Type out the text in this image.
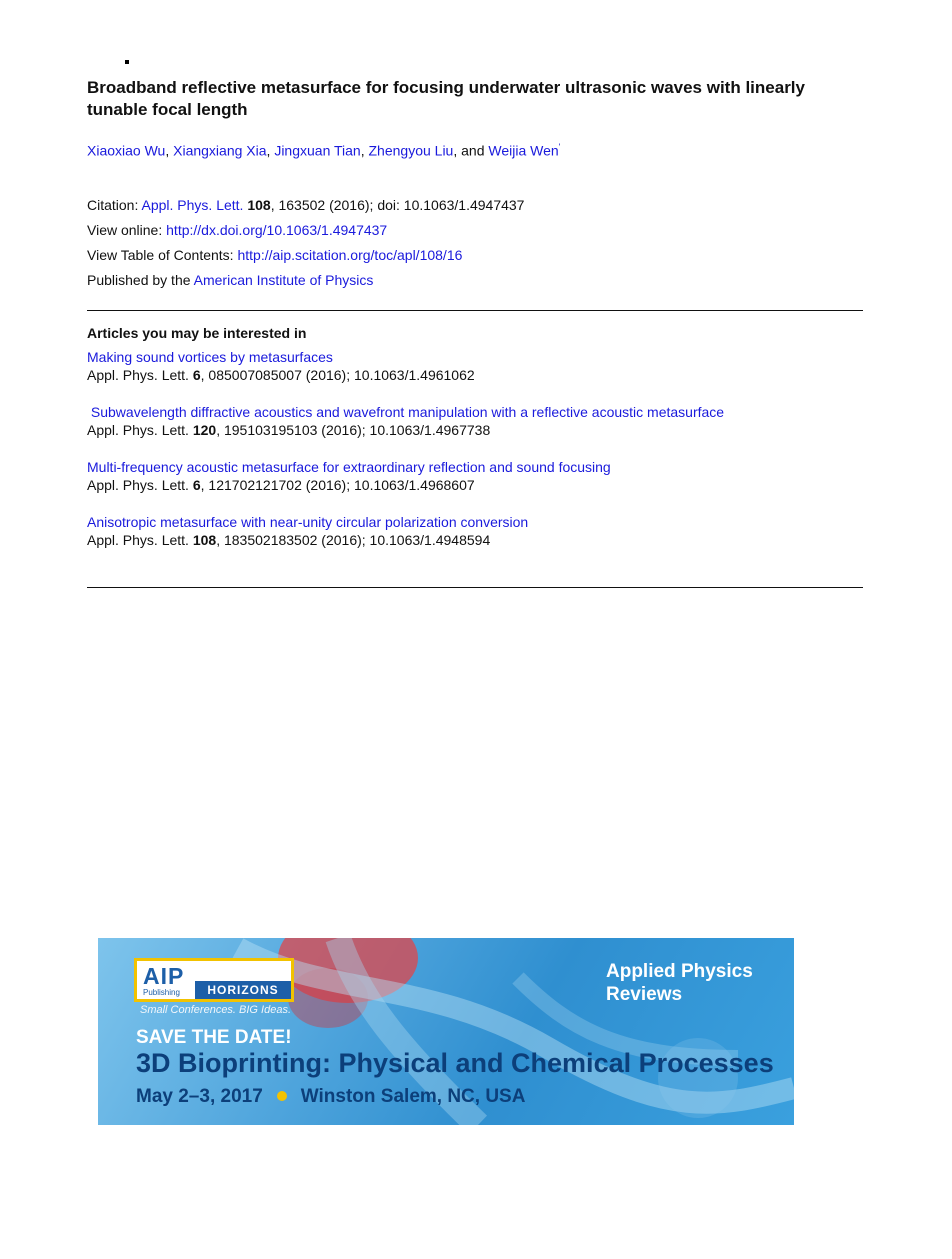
Broadband reflective metasurface for focusing underwater ultrasonic waves with linearly tunable focal length
Xiaoxiao Wu, Xiangxiang Xia, Jingxuan Tian, Zhengyou Liu, and Weijia Wen'
Citation: Appl. Phys. Lett. 108, 163502 (2016); doi: 10.1063/1.4947437
View online: http://dx.doi.org/10.1063/1.4947437
View Table of Contents: http://aip.scitation.org/toc/apl/108/16
Published by the American Institute of Physics
Articles you may be interested in
Making sound vortices by metasurfaces
Appl. Phys. Lett. 6, 085007085007 (2016); 10.1063/1.4961062
Subwavelength diffractive acoustics and wavefront manipulation with a reflective acoustic metasurface
Appl. Phys. Lett. 120, 195103195103 (2016); 10.1063/1.4967738
Multi-frequency acoustic metasurface for extraordinary reflection and sound focusing
Appl. Phys. Lett. 6, 121702121702 (2016); 10.1063/1.4968607
Anisotropic metasurface with near-unity circular polarization conversion
Appl. Phys. Lett. 108, 183502183502 (2016); 10.1063/1.4948594
AIP
Publishing	HORIZONS
Small Conferences. BIG Ideas.
Applied Physics Reviews
SAVE THE DATE!
3D Bioprinting: Physical and Chemical Processes
May 2–3, 2017 Winston Salem, NC, USA
